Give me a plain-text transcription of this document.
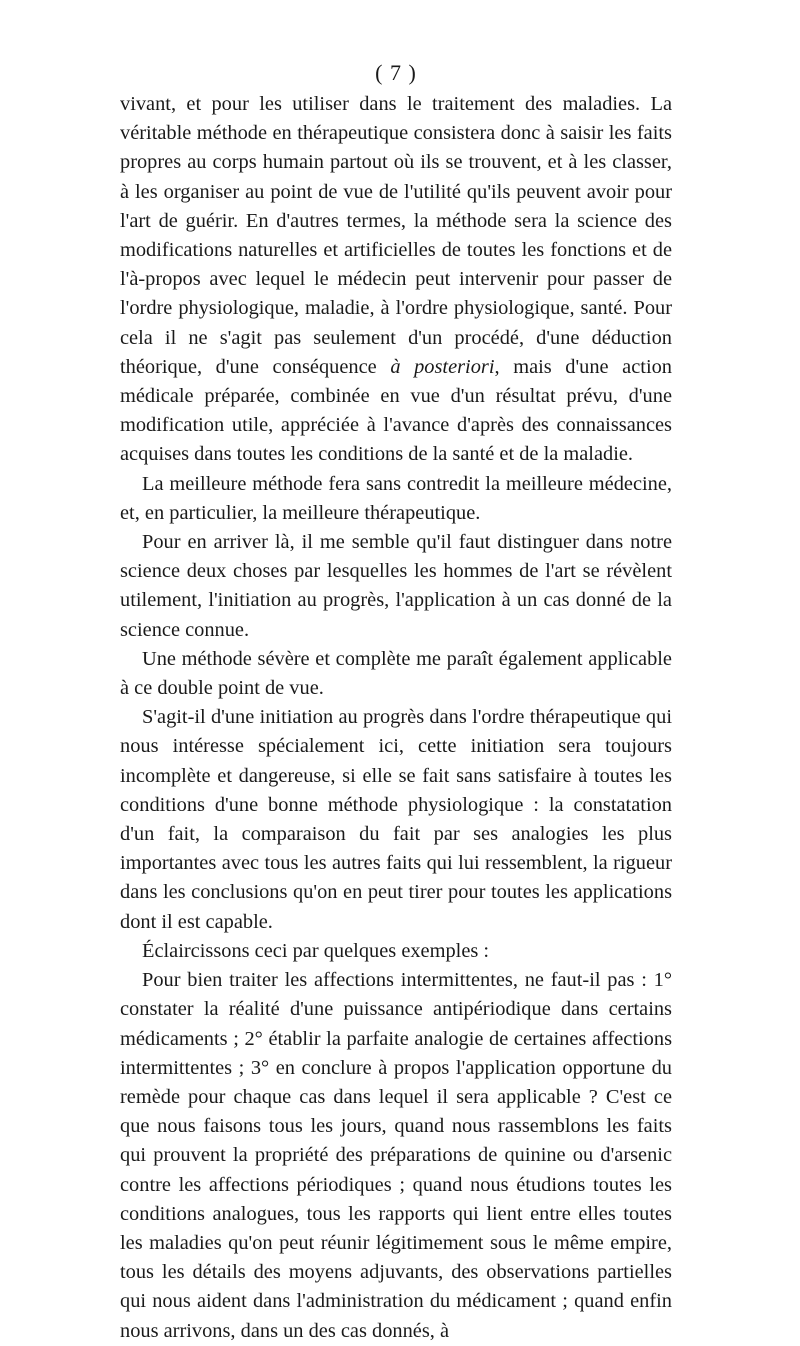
( 7 )

vivant, et pour les utiliser dans le traitement des maladies. La véritable méthode en thérapeutique consistera donc à saisir les faits propres au corps humain partout où ils se trouvent, et à les classer, à les organiser au point de vue de l'utilité qu'ils peuvent avoir pour l'art de guérir. En d'autres termes, la méthode sera la science des modifications naturelles et artificielles de toutes les fonctions et de l'à-propos avec lequel le médecin peut intervenir pour passer de l'ordre physiologique, maladie, à l'ordre physiologique, santé. Pour cela il ne s'agit pas seulement d'un procédé, d'une déduction théorique, d'une conséquence à posteriori, mais d'une action médicale préparée, combinée en vue d'un résultat prévu, d'une modification utile, appréciée à l'avance d'après des connaissances acquises dans toutes les conditions de la santé et de la maladie.

La meilleure méthode fera sans contredit la meilleure médecine, et, en particulier, la meilleure thérapeutique.

Pour en arriver là, il me semble qu'il faut distinguer dans notre science deux choses par lesquelles les hommes de l'art se révèlent utilement, l'initiation au progrès, l'application à un cas donné de la science connue.

Une méthode sévère et complète me paraît également applicable à ce double point de vue.

S'agit-il d'une initiation au progrès dans l'ordre thérapeutique qui nous intéresse spécialement ici, cette initiation sera toujours incomplète et dangereuse, si elle se fait sans satisfaire à toutes les conditions d'une bonne méthode physiologique : la constatation d'un fait, la comparaison du fait par ses analogies les plus importantes avec tous les autres faits qui lui ressemblent, la rigueur dans les conclusions qu'on en peut tirer pour toutes les applications dont il est capable.

Éclaircissons ceci par quelques exemples :

Pour bien traiter les affections intermittentes, ne faut-il pas : 1° constater la réalité d'une puissance antipériodique dans certains médicaments ; 2° établir la parfaite analogie de certaines affections intermittentes ; 3° en conclure à propos l'application opportune du remède pour chaque cas dans lequel il sera applicable ? C'est ce que nous faisons tous les jours, quand nous rassemblons les faits qui prouvent la propriété des préparations de quinine ou d'arsenic contre les affections périodiques ; quand nous étudions toutes les conditions analogues, tous les rapports qui lient entre elles toutes les maladies qu'on peut réunir légitimement sous le même empire, tous les détails des moyens adjuvants, des observations partielles qui nous aident dans l'administration du médicament ; quand enfin nous arrivons, dans un des cas donnés, à
